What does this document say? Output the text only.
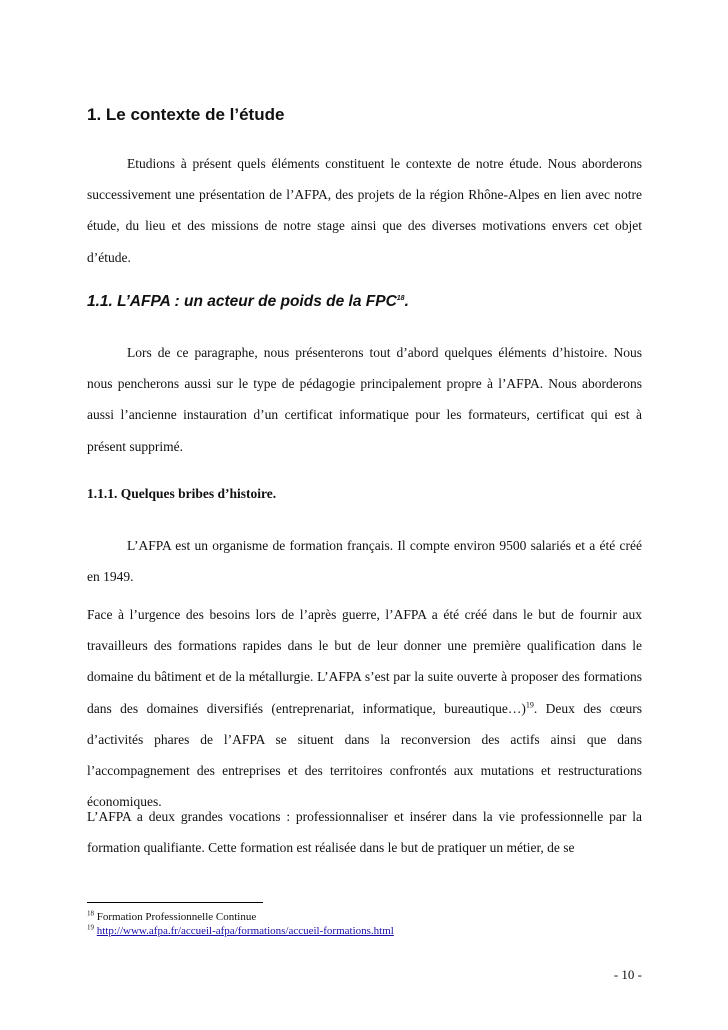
1. Le contexte de l’étude

Etudions à présent quels éléments constituent le contexte de notre étude. Nous aborderons successivement une présentation de l’AFPA, des projets de la région Rhône-Alpes en lien avec notre étude, du lieu et des missions de notre stage ainsi que des diverses motivations envers cet objet d’étude.

1.1. L’AFPA : un acteur de poids de la FPC$^{18}$.

Lors de ce paragraphe, nous présenterons tout d’abord quelques éléments d’histoire. Nous nous pencherons aussi sur le type de pédagogie principalement propre à l’AFPA. Nous aborderons aussi l’ancienne instauration d’un certificat informatique pour les formateurs, certificat qui est à présent supprimé.

1.1.1. Quelques bribes d’histoire.

L’AFPA est un organisme de formation français. Il compte environ 9500 salariés et a été créé en 1949.

Face à l’urgence des besoins lors de l’après guerre, l’AFPA a été créé dans le but de fournir aux travailleurs des formations rapides dans le but de leur donner une première qualification dans le domaine du bâtiment et de la métallurgie. L’AFPA s’est par la suite ouverte à proposer des formations dans des domaines diversifiés (entreprenariat, informatique, bureautique…)$^{19}$. Deux des cœurs d’activités phares de l’AFPA se situent dans la reconversion des actifs ainsi que dans l’accompagnement des entreprises et des territoires confrontés aux mutations et restructurations économiques.

L’AFPA a deux grandes vocations : professionnaliser et insérer dans la vie professionnelle par la formation qualifiante. Cette formation est réalisée dans le but de pratiquer un métier, de se

$^{18}$ Formation Professionnelle Continue

$^{19}$ http://www.afpa.fr/accueil-afpa/formations/accueil-formations.html

- 10 -
